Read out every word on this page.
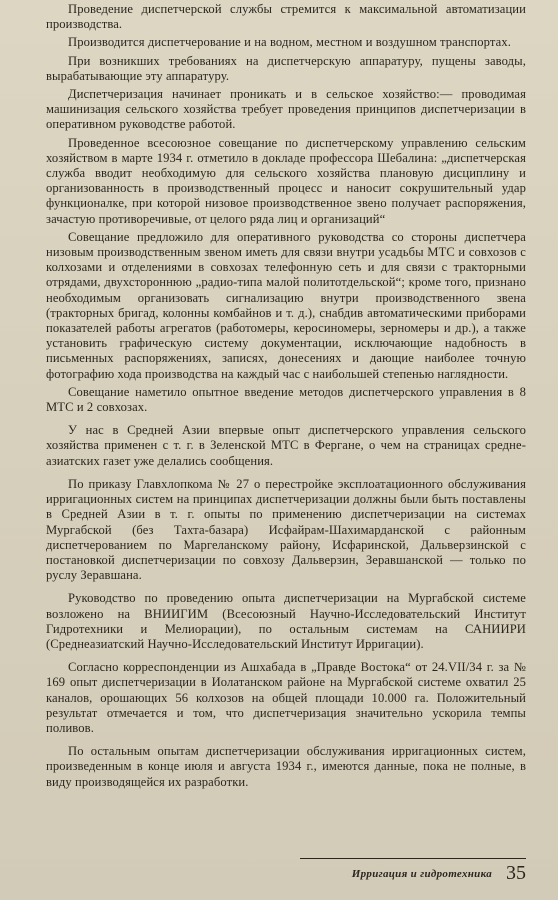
Проведение диспетчерской службы стремится к максимальной автоматизации производства.

Производится диспетчерование и на водном, местном и воздушном транспортах.

При возникших требованиях на диспетчерскую аппаратуру, пущены заводы, вырабатывающие эту аппаратуру.

Диспетчеризация начинает проникать и в сельское хозяйство:— проводимая машинизация сельского хозяйства требует проведения принципов диспетчеризации в оперативном руководстве работой.

Проведенное всесоюзное совещание по диспетчерскому управлению сельским хозяйством в марте 1934 г. отметило в докладе профессора Шебалина: „диспетчерская служба вводит необходимую для сельского хозяйства плановую дисциплину и организованность в производственный процесс и наносит сокрушительный удар функционалке, при которой низовое производственное звено получает распоряжения, зачастую противоречивые, от целого ряда лиц и организаций“

Совещание предложило для оперативного руководства со стороны диспетчера низовым производственным звеном иметь для связи внутри усадьбы МТС и совхозов с колхозами и отделениями в совхозах телефонную сеть и для связи с тракторными отрядами, двухстороннюю „радио-типа малой политотдельской“; кроме того, признано необходимым организовать сигнализацию внутри производственного звена (тракторных бригад, колонны комбайнов и т. д.), снабдив автоматическими приборами показателей работы агрегатов (работомеры, керосиномеры, зерномеры и др.), а также установить графическую систему документации, исключающие надобность в письменных распоряжениях, записях, донесениях и дающие наиболее точную фотографию хода производства на каждый час с наибольшей степенью наглядности.

Совещание наметило опытное введение методов диспетчерского управления в 8 МТС и 2 совхозах.

У нас в Средней Азии впервые опыт диспетчерского управления сельского хозяйства применен с т. г. в Зеленской МТС в Фергане, о чем на страницах средне-азиатских газет уже делались сообщения.

По приказу Главхлопкома № 27 о перестройке эксплоатационного обслуживания ирригационных систем на принципах диспетчеризации должны были быть поставлены в Средней Азии в т. г. опыты по применению диспетчеризации на системах Мургабской (без Тахта-базара) Исфайрам-Шахимарданской с районным диспетчерованием по Маргеланскому району, Исфаринской, Дальверзинской с постановкой диспетчеризации по совхозу Дальверзин, Зеравшанской — только по руслу Зеравшана.

Руководство по проведению опыта диспетчеризации на Мургабской системе возложено на ВНИИГИМ (Всесоюзный Научно-Исследовательский Институт Гидротехники и Мелиорации), по остальным системам на САНИИРИ (Среднеазиатский Научно-Исследовательский Институт Ирригации).

Согласно корреспонденции из Ашхабада в „Правде Востока“ от 24.VII/34 г. за № 169 опыт диспетчеризации в Иолатанском районе на Мургабской системе охватил 25 каналов, орошающих 56 колхозов на общей площади 10.000 га. Положительный результат отмечается и том, что диспетчеризация значительно ускорила темпы поливов.

По остальным опытам диспетчеризации обслуживания ирригационных систем, произведенным в конце июля и августа 1934 г., имеются данные, пока не полные, в виду производящейся их разработки.

Ирригация и гидротехника 35
